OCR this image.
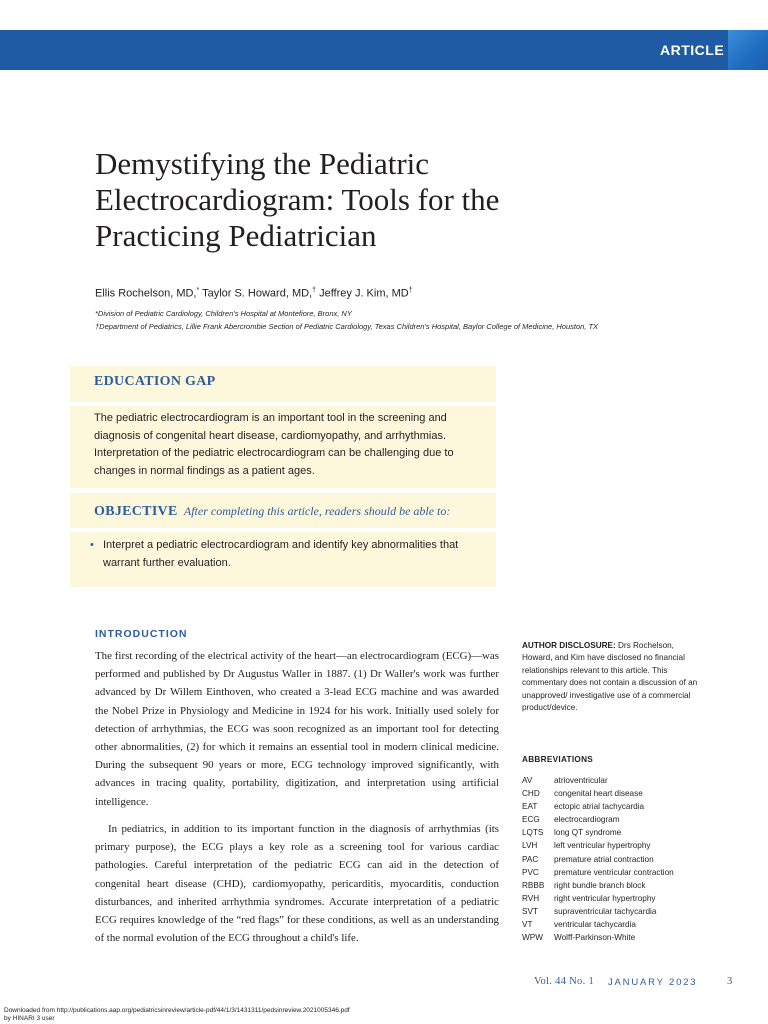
ARTICLE
Demystifying the Pediatric
Electrocardiogram: Tools for the
Practicing Pediatrician
Ellis Rochelson, MD,* Taylor S. Howard, MD,† Jeffrey J. Kim, MD†
*Division of Pediatric Cardiology, Children's Hospital at Montefiore, Bronx, NY
†Department of Pediatrics, Lillie Frank Abercrombie Section of Pediatric Cardiology, Texas Children's Hospital, Baylor College of Medicine, Houston, TX
EDUCATION GAP
The pediatric electrocardiogram is an important tool in the screening and diagnosis of congenital heart disease, cardiomyopathy, and arrhythmias. Interpretation of the pediatric electrocardiogram can be challenging due to changes in normal findings as a patient ages.
OBJECTIVE After completing this article, readers should be able to:
• Interpret a pediatric electrocardiogram and identify key abnormalities that warrant further evaluation.
INTRODUCTION

The first recording of the electrical activity of the heart—an electrocardiogram (ECG)—was performed and published by Dr Augustus Waller in 1887. (1) Dr Waller's work was further advanced by Dr Willem Einthoven, who created a 3-lead ECG machine and was awarded the Nobel Prize in Physiology and Medicine in 1924 for his work. Initially used solely for detection of arrhythmias, the ECG was soon recognized as an important tool for detecting other abnormalities, (2) for which it remains an essential tool in modern clinical medicine. During the subsequent 90 years or more, ECG technology improved significantly, with advances in tracing quality, portability, digitization, and interpretation using artificial intelligence.

In pediatrics, in addition to its important function in the diagnosis of arrhythmias (its primary purpose), the ECG plays a key role as a screening tool for various cardiac pathologies. Careful interpretation of the pediatric ECG can aid in the detection of congenital heart disease (CHD), cardiomyopathy, pericarditis, myocarditis, conduction disturbances, and inherited arrhythmia syndromes. Accurate interpretation of a pediatric ECG requires knowledge of the “red flags” for these conditions, as well as an understanding of the normal evolution of the ECG throughout a child's life.

AUTHOR DISCLOSURE: Drs Rochelson, Howard, and Kim have disclosed no financial relationships relevant to this article. This commentary does not contain a discussion of an unapproved/ investigative use of a commercial product/device.
ABBREVIATIONS
AV	atrioventricular
CHD	congenital heart disease
EAT	ectopic atrial tachycardia
ECG	electrocardiogram
LQTS	long QT syndrome
LVH	left ventricular hypertrophy
PAC	premature atrial contraction
PVC	premature ventricular contraction
RBBB	right bundle branch block
RVH	right ventricular hypertrophy
SVT	supraventricular tachycardia
VT	ventricular tachycardia
WPW	Wolff-Parkinson-White
Vol. 44 No. 1 JANUARY 2023	3
Downloaded from http://publications.aap.org/pediatricsinreview/article-pdf/44/1/3/1431311/pedsinreview.2021005346.pdf
by HINARI 3 user
